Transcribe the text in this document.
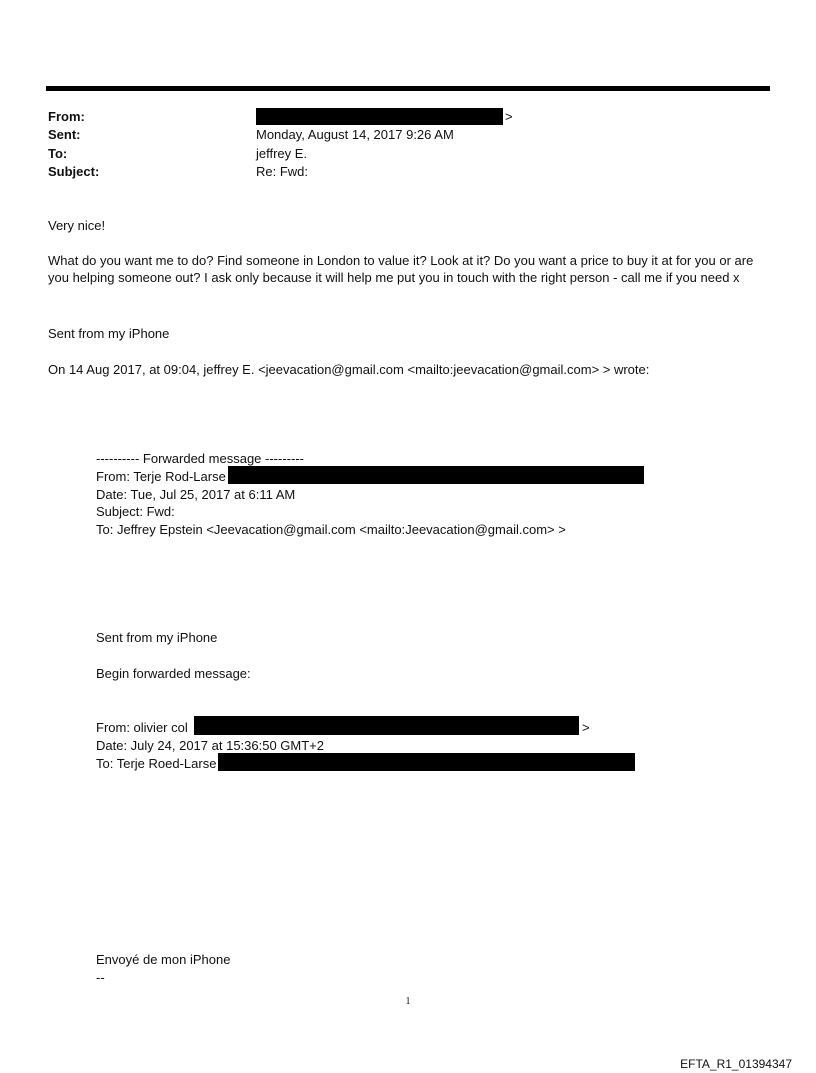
From:	>
Sent:	Monday, August 14, 2017 9:26 AM
To:	jeffrey E.
Subject:	Re: Fwd:
Very nice!
What do you want me to do? Find someone in London to value it? Look at it? Do you want a price to buy it at for you or are you helping someone out? I ask only because it will help me put you in touch with the right person - call me if you need x
Sent from my iPhone
On 14 Aug 2017, at 09:04, jeffrey E. <jeevacation@gmail.com <mailto:jeevacation@gmail.com> > wrote:
---------- Forwarded message ---------
From: Terje Rod-Larse
Date: Tue, Jul 25, 2017 at 6:11 AM
Subject: Fwd:
To: Jeffrey Epstein <Jeevacation@gmail.com <mailto:Jeevacation@gmail.com> >
Sent from my iPhone
Begin forwarded message:
From: olivier col	>
Date: July 24, 2017 at 15:36:50 GMT+2
To: Terje Roed-Larse
Envoyé de mon iPhone
--
1
EFTA_R1_01394347
